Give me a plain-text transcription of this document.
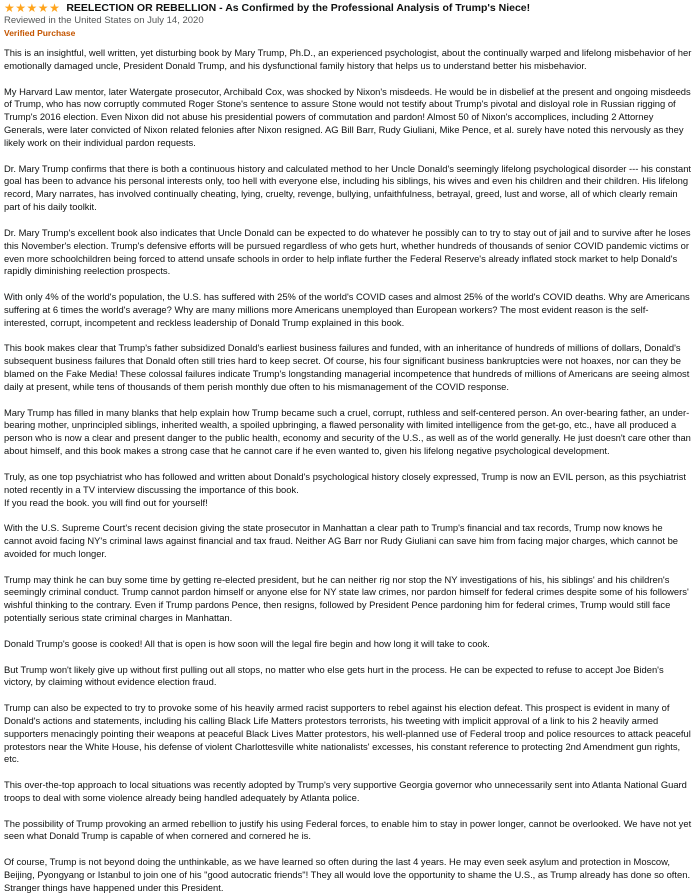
★ ★ ★ ★ ★ REELECTION OR REBELLION - As Confirmed by the Professional Analysis of Trump's Niece!
Reviewed in the United States on July 14, 2020
Verified Purchase

This is an insightful, well written, yet disturbing book by Mary Trump, Ph.D., an experienced psychologist, about the continually warped and lifelong misbehavior of her emotionally damaged uncle, President Donald Trump, and his dysfunctional family history that helps us to understand better his misbehavior.

My Harvard Law mentor, later Watergate prosecutor, Archibald Cox, was shocked by Nixon's misdeeds. He would be in disbelief at the present and ongoing misdeeds of Trump, who has now corruptly commuted Roger Stone's sentence to assure Stone would not testify about Trump's pivotal and disloyal role in Russian rigging of Trump's 2016 election. Even Nixon did not abuse his presidential powers of commutation and pardon! Almost 50 of Nixon's accomplices, including 2 Attorney Generals, were later convicted of Nixon related felonies after Nixon resigned. AG Bill Barr, Rudy Giuliani, Mike Pence, et al. surely have noted this nervously as they likely work on their individual pardon requests.

Dr. Mary Trump confirms that there is both a continuous history and calculated method to her Uncle Donald's seemingly lifelong psychological disorder --- his constant goal has been to advance his personal interests only, too hell with everyone else, including his siblings, his wives and even his children and their children. His lifelong record, Mary narrates, has involved continually cheating, lying, cruelty, revenge, bullying, unfaithfulness, betrayal, greed, lust and worse, all of which clearly remain part of his daily toolkit.

Dr. Mary Trump's excellent book also indicates that Uncle Donald can be expected to do whatever he possibly can to try to stay out of jail and to survive after he loses this November's election. Trump's defensive efforts will be pursued regardless of who gets hurt, whether hundreds of thousands of senior COVID pandemic victims or even more schoolchildren being forced to attend unsafe schools in order to help inflate further the Federal Reserve's already inflated stock market to help Donald's rapidly diminishing reelection prospects.

With only 4% of the world's population, the U.S. has suffered with 25% of the world's COVID cases and almost 25% of the world's COVID deaths. Why are Americans suffering at 6 times the world's average? Why are many millions more Americans unemployed than European workers? The most evident reason is the self-interested, corrupt, incompetent and reckless leadership of Donald Trump explained in this book.

This book makes clear that Trump's father subsidized Donald's earliest business failures and funded, with an inheritance of hundreds of millions of dollars, Donald's subsequent business failures that Donald often still tries hard to keep secret. Of course, his four significant business bankruptcies were not hoaxes, nor can they be blamed on the Fake Media! These colossal failures indicate Trump's longstanding managerial incompetence that hundreds of millions of Americans are seeing almost daily at present, while tens of thousands of them perish monthly due often to his mismanagement of the COVID response.

Mary Trump has filled in many blanks that help explain how Trump became such a cruel, corrupt, ruthless and self-centered person. An over-bearing father, an under-bearing mother, unprincipled siblings, inherited wealth, a spoiled upbringing, a flawed personality with limited intelligence from the get-go, etc., have all produced a person who is now a clear and present danger to the public health, economy and security of the U.S., as well as of the world generally. He just doesn't care other than about himself, and this book makes a strong case that he cannot care if he even wanted to, given his lifelong negative psychological development.

Truly, as one top psychiatrist who has followed and written about Donald's psychological history closely expressed, Trump is now an EVIL person, as this psychiatrist noted recently in a TV interview discussing the importance of this book.
If you read the book. you will find out for yourself!

With the U.S. Supreme Court's recent decision giving the state prosecutor in Manhattan a clear path to Trump's financial and tax records, Trump now knows he cannot avoid facing NY's criminal laws against financial and tax fraud. Neither AG Barr nor Rudy Giuliani can save him from facing major charges, which cannot be avoided for much longer.

Trump may think he can buy some time by getting re-elected president, but he can neither rig nor stop the NY investigations of his, his siblings' and his children's seemingly criminal conduct. Trump cannot pardon himself or anyone else for NY state law crimes, nor pardon himself for federal crimes despite some of his followers' wishful thinking to the contrary. Even if Trump pardons Pence, then resigns, followed by President Pence pardoning him for federal crimes, Trump would still face potentially serious state criminal charges in Manhattan.

Donald Trump's goose is cooked! All that is open is how soon will the legal fire begin and how long it will take to cook.

But Trump won't likely give up without first pulling out all stops, no matter who else gets hurt in the process. He can be expected to refuse to accept Joe Biden's victory, by claiming without evidence election fraud.

Trump can also be expected to try to provoke some of his heavily armed racist supporters to rebel against his election defeat. This prospect is evident in many of Donald's actions and statements, including his calling Black Life Matters protestors terrorists, his tweeting with implicit approval of a link to his 2 heavily armed supporters menacingly pointing their weapons at peaceful Black Lives Matter protestors, his well-planned use of Federal troop and police resources to attack peaceful protestors near the White House, his defense of violent Charlottesville white nationalists' excesses, his constant reference to protecting 2nd Amendment gun rights, etc.

This over-the-top approach to local situations was recently adopted by Trump's very supportive Georgia governor who unnecessarily sent into Atlanta National Guard troops to deal with some violence already being handled adequately by Atlanta police.

The possibility of Trump provoking an armed rebellion to justify his using Federal forces, to enable him to stay in power longer, cannot be overlooked. We have not yet seen what Donald Trump is capable of when cornered and cornered he is.

Of course, Trump is not beyond doing the unthinkable, as we have learned so often during the last 4 years. He may even seek asylum and protection in Moscow, Beijing, Pyongyang or Istanbul to join one of his "good autocratic friends"! They all would love the opportunity to shame the U.S., as Trump already has done so often. Stranger things have happened under this President.
